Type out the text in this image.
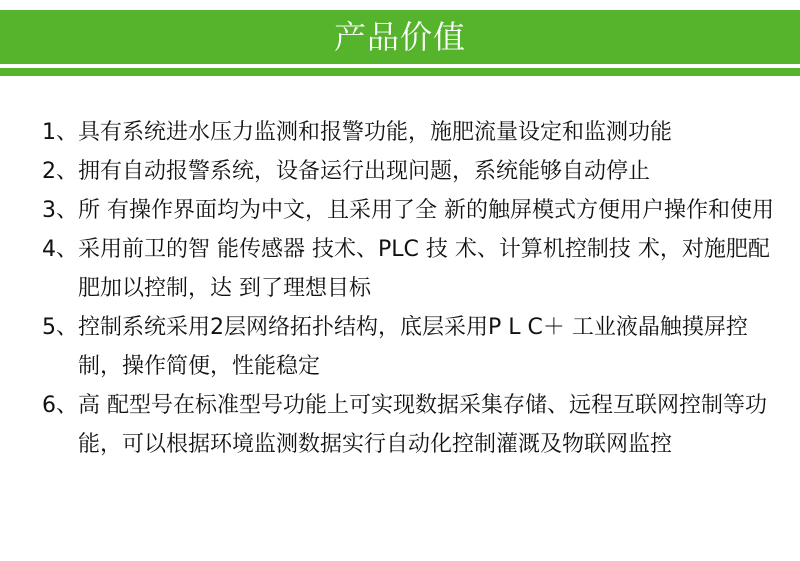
产品价值
1、 具有系统进水压力监测和报警功能，施肥流量设定和监测功能
2、 拥有自动报警系统，设备运行出现问题，系统能够自动停止
3、 所 有操作界面均为中文，且采用了全 新的触屏模式方便用户操作和使用
4、 采用前卫的智 能传感器 技术、PLC 技 术、计算机控制技 术，对施肥配肥加以控制，达 到了理想目标
5、 控制系统采用2层网络拓扑结构，底层采用P L C＋ 工业液晶触摸屏控制，操作简便，性能稳定
6、 高 配型号在标准型号功能上可实现数据采集存储、远程互联网控制等功能，可以根据环境监测数据实行自动化控制灌溉及物联网监控
